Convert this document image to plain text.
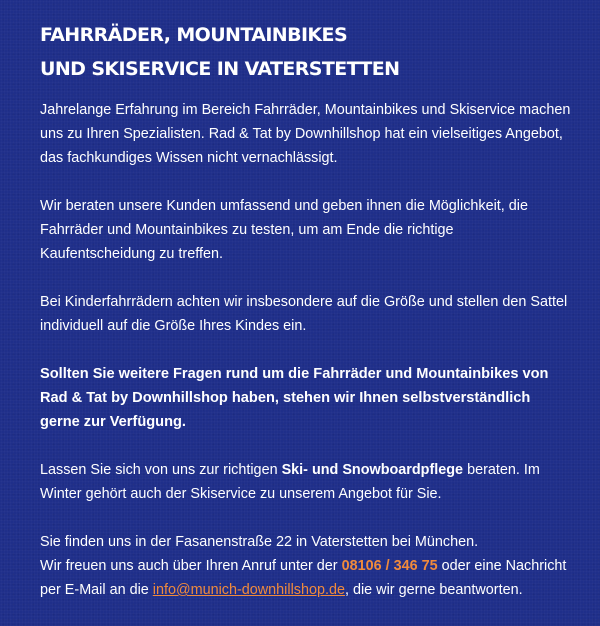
FAHRRÄDER, MOUNTAINBIKES
UND SKISERVICE IN VATERSTETTEN

Jahrelange Erfahrung im Bereich Fahrräder, Mountainbikes und Skiservice machen uns zu Ihren Spezialisten. Rad & Tat by Downhillshop hat ein vielseitiges Angebot, das fachkundiges Wissen nicht vernachlässigt.

Wir beraten unsere Kunden umfassend und geben ihnen die Möglichkeit, die Fahrräder und Mountainbikes zu testen, um am Ende die richtige Kaufentscheidung zu treffen.

Bei Kinderfahrrädern achten wir insbesondere auf die Größe und stellen den Sattel individuell auf die Größe Ihres Kindes ein.

Sollten Sie weitere Fragen rund um die Fahrräder und Mountainbikes von Rad & Tat by Downhillshop haben, stehen wir Ihnen selbstverständlich gerne zur Verfügung.

Lassen Sie sich von uns zur richtigen Ski- und Snowboardpflege beraten. Im Winter gehört auch der Skiservice zu unserem Angebot für Sie.

Sie finden uns in der Fasanenstraße 22 in Vaterstetten bei München.
Wir freuen uns auch über Ihren Anruf unter der 08106 / 346 75 oder eine Nachricht per E-Mail an die info@munich-downhillshop.de, die wir gerne beantworten.
